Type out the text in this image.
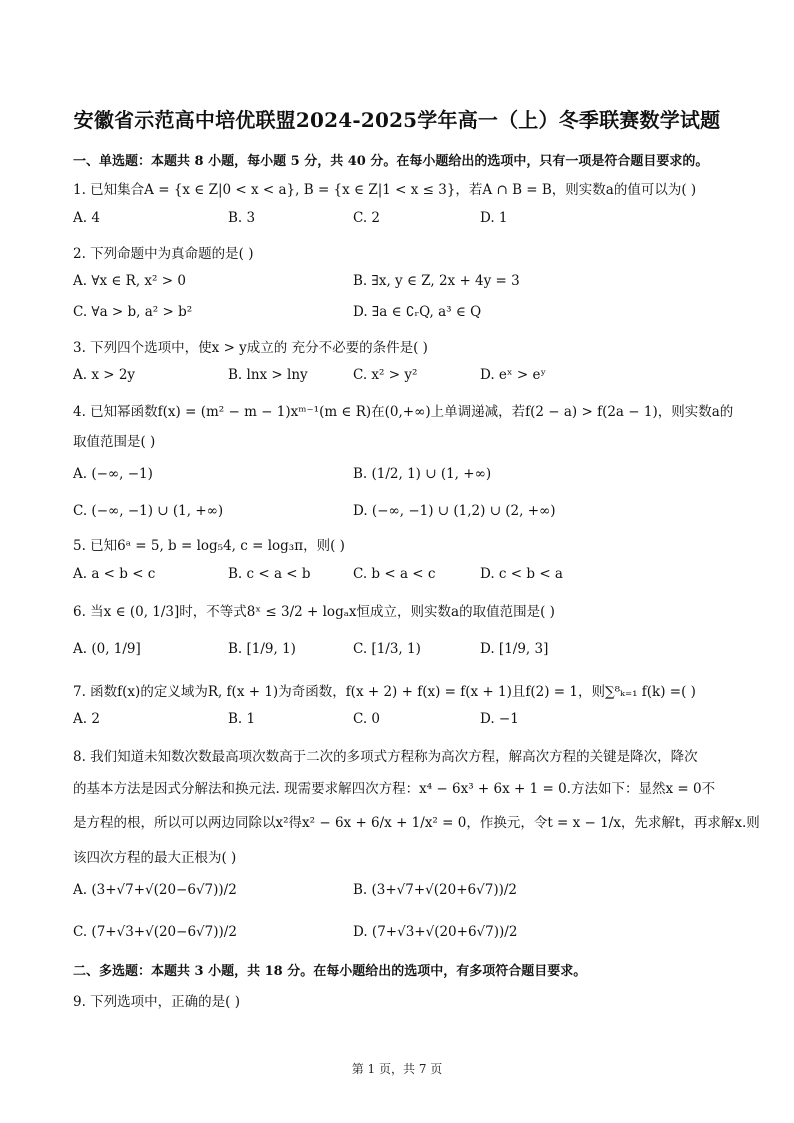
安徽省示范高中培优联盟2024-2025学年高一（上）冬季联赛数学试题
一、单选题：本题共 8 小题，每小题 5 分，共 40 分。在每小题给出的选项中，只有一项是符合题目要求的。
1. 已知集合A = {x ∈ Z|0 < x < a}, B = {x ∈ Z|1 < x ≤ 3}，若A ∩ B = B，则实数a的值可以为( )
A. 4	B. 3	C. 2	D. 1
2. 下列命题中为真命题的是( )
A. ∀x ∈ R, x² > 0	B. ∃x, y ∈ Z, 2x + 4y = 3
C. ∀a > b, a² > b²	D. ∃a ∈ ∁ᵣQ, a³ ∈ Q
3. 下列四个选项中，使x > y成立的 充分不必要的条件是( )
A. x > 2y	B. lnx > lny	C. x² > y²	D. eˣ > eʸ
4. 已知幂函数f(x) = (m² − m − 1)xᵐ⁻¹(m ∈ R)在(0,+∞)上单调递减，若f(2 − a) > f(2a − 1)，则实数a的
取值范围是( )
A. (−∞, −1)	B. (1/2, 1) ∪ (1, +∞)
C. (−∞, −1) ∪ (1, +∞)	D. (−∞, −1) ∪ (1,2) ∪ (2, +∞)
5. 已知6ᵃ = 5, b = log₅4, c = log₃π，则( )
A. a < b < c	B. c < a < b	C. b < a < c	D. c < b < a
6. 当x ∈ (0, 1/3]时，不等式8ˣ ≤ 3/2 + logₐx恒成立，则实数a的取值范围是( )
A. (0, 1/9]	B. [1/9, 1)	C. [1/3, 1)	D. [1/9, 3]
7. 函数f(x)的定义域为R, f(x + 1)为奇函数，f(x + 2) + f(x) = f(x + 1)且f(2) = 1，则∑⁸ₖ₌₁ f(k) =( )
A. 2	B. 1	C. 0	D. −1
8. 我们知道未知数次数最高项次数高于二次的多项式方程称为高次方程，解高次方程的关键是降次，降次
的基本方法是因式分解法和换元法. 现需要求解四次方程：x⁴ − 6x³ + 6x + 1 = 0.方法如下：显然x = 0不
是方程的根，所以可以两边同除以x²得x² − 6x + 6/x + 1/x² = 0，作换元，令t = x − 1/x，先求解t，再求解x.则
该四次方程的最大正根为( )
A. (3+√7+√(20−6√7))/2	B. (3+√7+√(20+6√7))/2
C. (7+√3+√(20−6√7))/2	D. (7+√3+√(20+6√7))/2
二、多选题：本题共 3 小题，共 18 分。在每小题给出的选项中，有多项符合题目要求。
9. 下列选项中，正确的是( )
第 1 页，共 7 页
